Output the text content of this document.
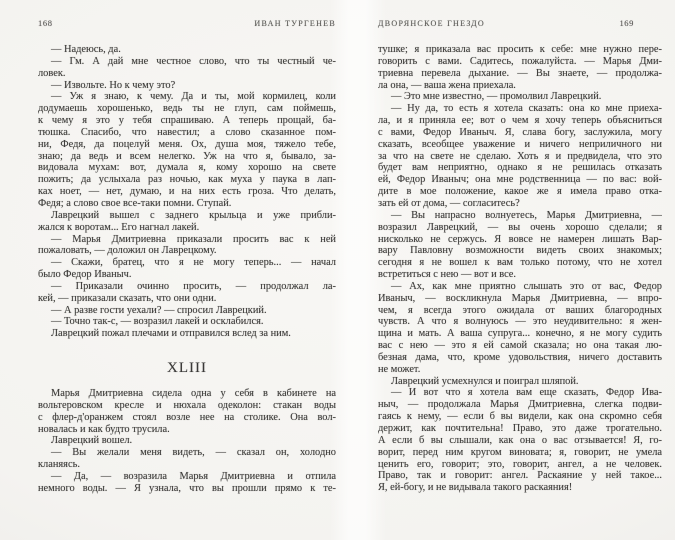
168	ИВАН ТУРГЕНЕВ
— Надеюсь, да.
— Гм. А дай мне честное слово, что ты честный че-
ловек.
— Извольте. Но к чему это?
— Уж я знаю, к чему. Да и ты, мой кормилец, коли
додумаешь хорошенько, ведь ты не глуп, сам поймешь,
к чему я это у тебя спрашиваю. А теперь прощай, ба-
тюшка. Спасибо, что навестил; а слово сказанное пом-
ни, Федя, да поцелуй меня. Ох, душа моя, тяжело тебе,
знаю; да ведь и всем нелегко. Уж на что я, бывало, за-
видовала мухам: вот, думала я, кому хорошо на свете
пожить; да услыхала раз ночью, как муха у паука в лап-
ках ноет, — нет, думаю, и на них есть гроза. Что делать,
Федя; а слово свое все-таки помни. Ступай.
Лаврецкий вышел с заднего крыльца и уже прибли-
жался к воротам... Его нагнал лакей.
— Марья Дмитриевна приказали просить вас к ней
пожаловать, — доложил он Лаврецкому.
— Скажи, братец, что я не могу теперь... — начал
было Федор Иваныч.
— Приказали очинно просить, — продолжал ла-
кей, — приказали сказать, что они одни.
— А разве гости уехали? — спросил Лаврецкий.
— Точно так-с, — возразил лакей и осклабился.
Лаврецкий пожал плечами и отправился вслед за ним.
XLIII
Марья Дмитриевна сидела одна у себя в кабинете на
вольтеровском кресле и нюхала одеколон: стакан воды
с флер-д'оранжем стоял возле нее на столике. Она вол-
новалась и как будто трусила.
Лаврецкий вошел.
— Вы желали меня видеть, — сказал он, холодно
кланяясь.
— Да, — возразила Марья Дмитриевна и отпила
немного воды. — Я узнала, что вы прошли прямо к те-
ДВОРЯНСКОЕ ГНЕЗДО	169
тушке; я приказала вас просить к себе: мне нужно пере-
говорить с вами. Садитесь, пожалуйста. — Марья Дми-
триевна перевела дыхание. — Вы знаете, — продолжа-
ла она, — ваша жена приехала.
— Это мне известно, — промолвил Лаврецкий.
— Ну да, то есть я хотела сказать: она ко мне приеха-
ла, и я приняла ее; вот о чем я хочу теперь объясниться
с вами, Федор Иваныч. Я, слава богу, заслужила, могу
сказать, всеобщее уважение и ничего неприличного ни
за что на свете не сделаю. Хоть я и предвидела, что это
будет вам неприятно, однако я не решилась отказать
ей, Федор Иваныч; она мне родственница — по вас: вой-
дите в мое положение, какое же я имела право отка-
зать ей от дома, — согласитесь?
— Вы напрасно волнуетесь, Марья Дмитриевна, —
возразил Лаврецкий, — вы очень хорошо сделали; я
нисколько не сержусь. Я вовсе не намерен лишать Вар-
вару Павловну возможности видеть своих знакомых;
сегодня я не вошел к вам только потому, что не хотел
встретиться с нею — вот и все.
— Ах, как мне приятно слышать это от вас, Федор
Иваныч, — воскликнула Марья Дмитриевна, — впро-
чем, я всегда этого ожидала от ваших благородных
чувств. А что я волнуюсь — это неудивительно: я жен-
щина и мать. А ваша супруга... конечно, я не могу судить
вас с нею — это я ей самой сказала; но она такая лю-
безная дама, что, кроме удовольствия, ничего доставить
не может.
Лаврецкий усмехнулся и поиграл шляпой.
— И вот что я хотела вам еще сказать, Федор Ива-
ныч, — продолжала Марья Дмитриевна, слегка подви-
гаясь к нему, — если б вы видели, как она скромно себя
держит, как почтительна! Право, это даже трогательно.
А если б вы слышали, как она о вас отзывается! Я, го-
ворит, перед ним кругом виновата; я, говорит, не умела
ценить его, говорит; это, говорит, ангел, а не человек.
Право, так и говорит: ангел. Раскаяние у ней такое...
Я, ей-богу, и не видывала такого раскаяния!
